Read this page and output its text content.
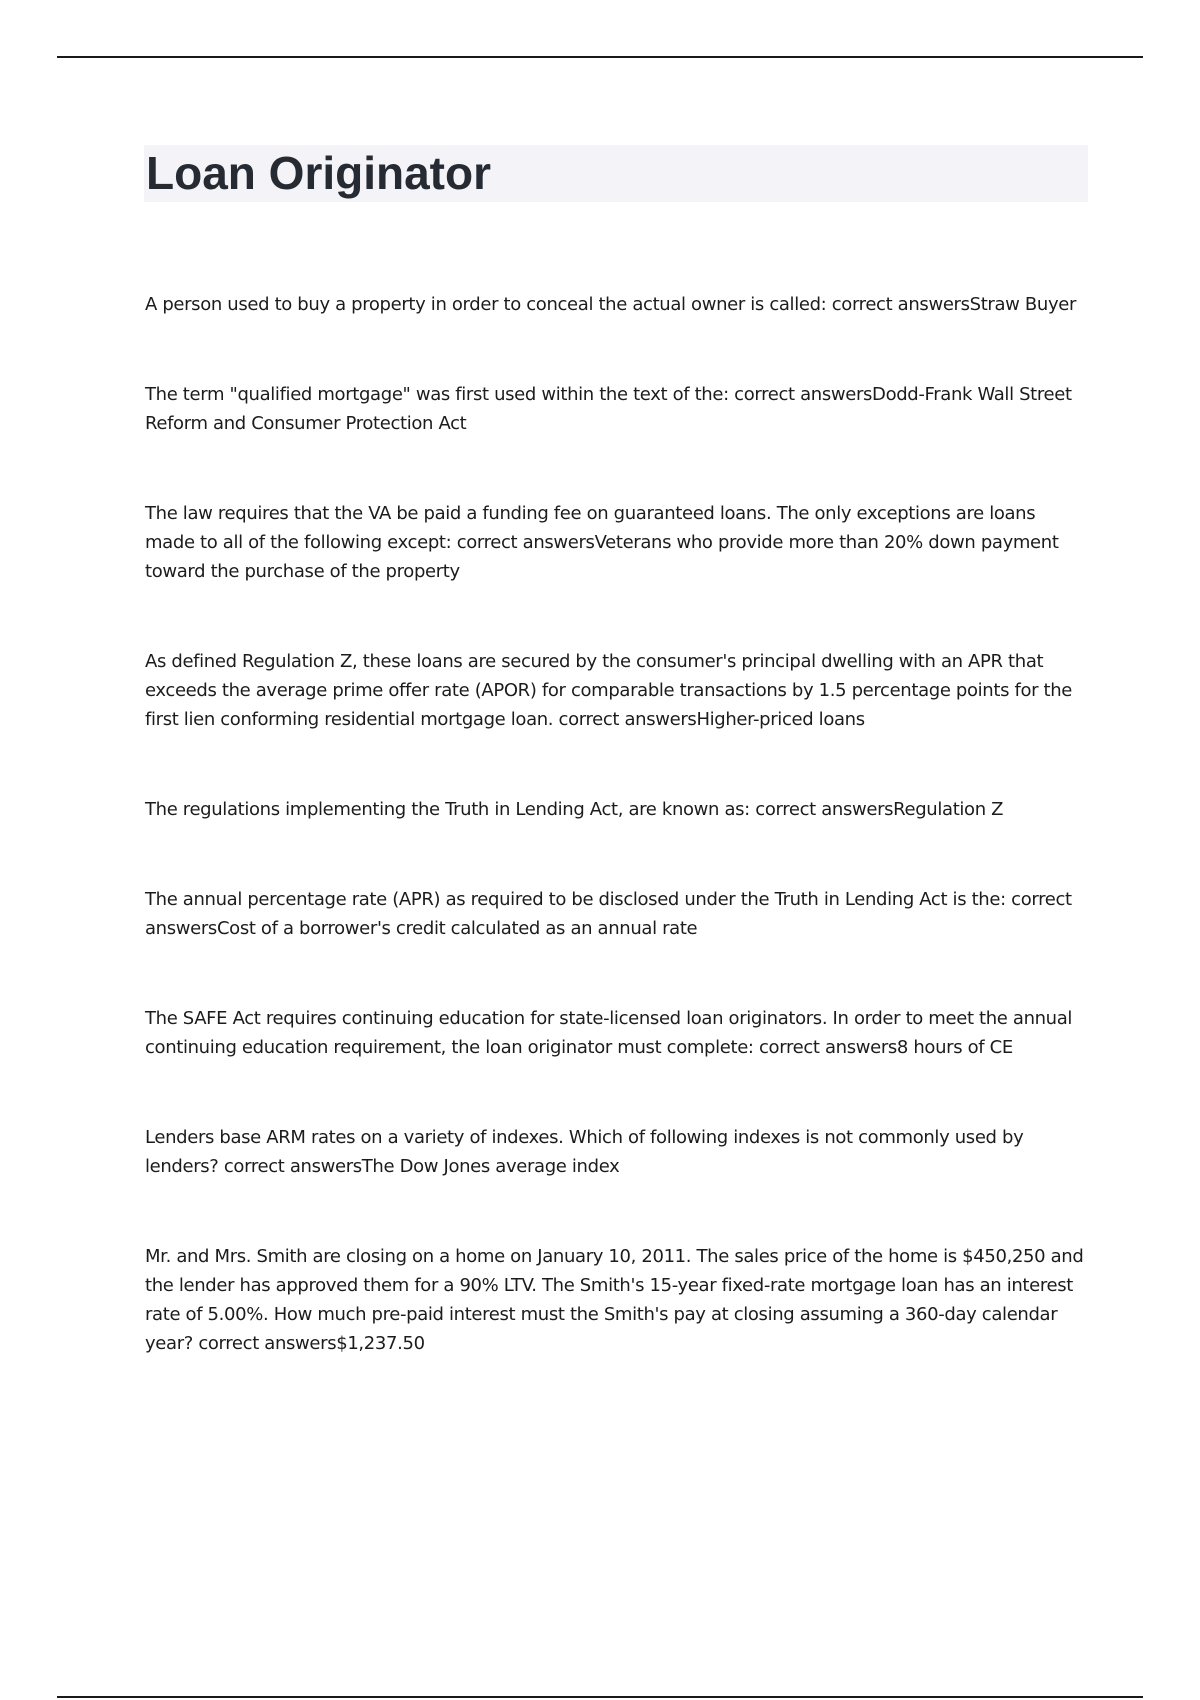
Loan Originator

A person used to buy a property in order to conceal the actual owner is called: correct answersStraw Buyer

The term "qualified mortgage" was first used within the text of the: correct answersDodd-Frank Wall Street Reform and Consumer Protection Act

The law requires that the VA be paid a funding fee on guaranteed loans. The only exceptions are loans made to all of the following except: correct answersVeterans who provide more than 20% down payment toward the purchase of the property

As defined Regulation Z, these loans are secured by the consumer's principal dwelling with an APR that exceeds the average prime offer rate (APOR) for comparable transactions by 1.5 percentage points for the first lien conforming residential mortgage loan. correct answersHigher-priced loans

The regulations implementing the Truth in Lending Act, are known as: correct answersRegulation Z

The annual percentage rate (APR) as required to be disclosed under the Truth in Lending Act is the: correct answersCost of a borrower's credit calculated as an annual rate

The SAFE Act requires continuing education for state-licensed loan originators. In order to meet the annual continuing education requirement, the loan originator must complete: correct answers8 hours of CE

Lenders base ARM rates on a variety of indexes. Which of following indexes is not commonly used by lenders? correct answersThe Dow Jones average index

Mr. and Mrs. Smith are closing on a home on January 10, 2011. The sales price of the home is $450,250 and the lender has approved them for a 90% LTV. The Smith's 15-year fixed-rate mortgage loan has an interest rate of 5.00%. How much pre-paid interest must the Smith's pay at closing assuming a 360-day calendar year? correct answers$1,237.50
